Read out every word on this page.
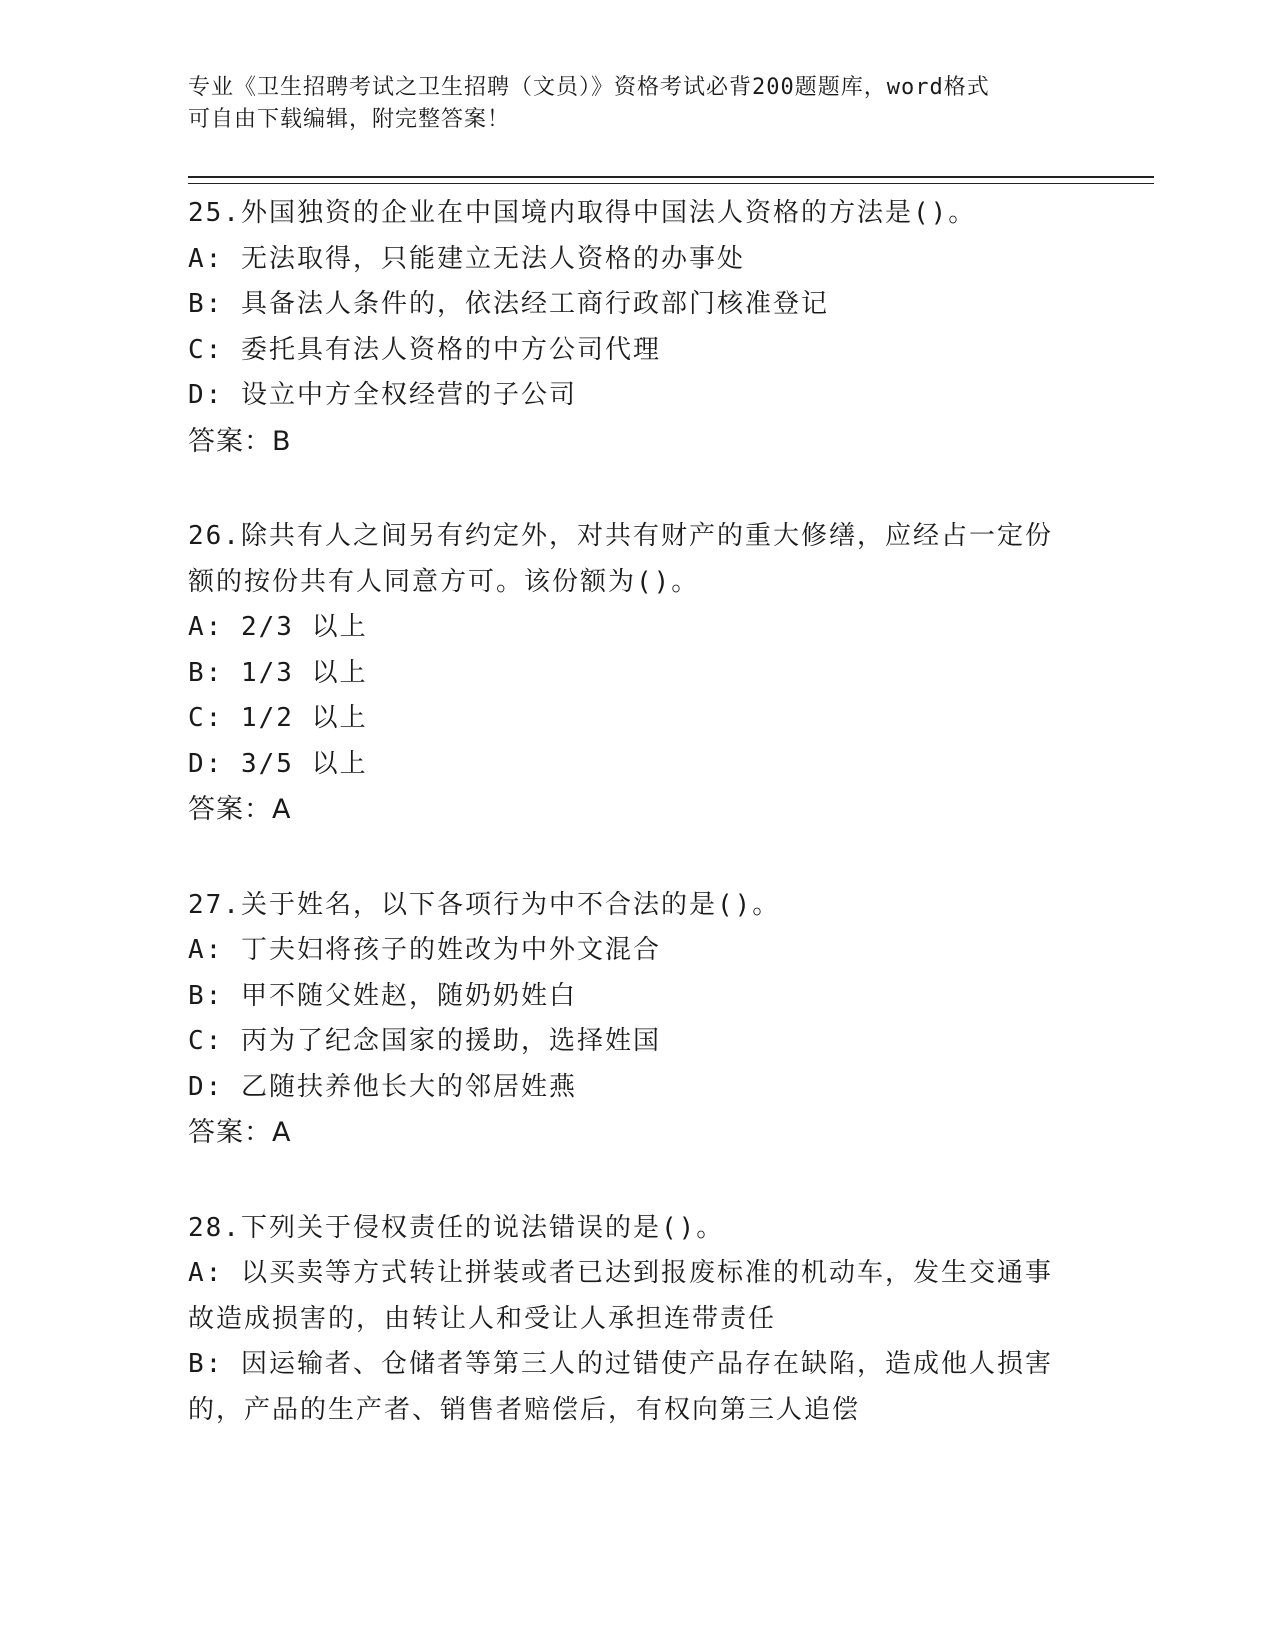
专业《卫生招聘考试之卫生招聘（文员）》资格考试必背200题题库，word格式
可自由下载编辑，附完整答案！
25.外国独资的企业在中国境内取得中国法人资格的方法是()。
A: 无法取得，只能建立无法人资格的办事处
B: 具备法人条件的，依法经工商行政部门核准登记
C: 委托具有法人资格的中方公司代理
D: 设立中方全权经营的子公司
答案：B
26.除共有人之间另有约定外，对共有财产的重大修缮，应经占一定份
额的按份共有人同意方可。该份额为()。
A: 2/3 以上
B: 1/3 以上
C: 1/2 以上
D: 3/5 以上
答案：A
27.关于姓名，以下各项行为中不合法的是()。
A: 丁夫妇将孩子的姓改为中外文混合
B: 甲不随父姓赵，随奶奶姓白
C: 丙为了纪念国家的援助，选择姓国
D: 乙随扶养他长大的邻居姓燕
答案：A
28.下列关于侵权责任的说法错误的是()。
A: 以买卖等方式转让拼装或者已达到报废标准的机动车，发生交通事
故造成损害的，由转让人和受让人承担连带责任
B: 因运输者、仓储者等第三人的过错使产品存在缺陷，造成他人损害
的，产品的生产者、销售者赔偿后，有权向第三人追偿
